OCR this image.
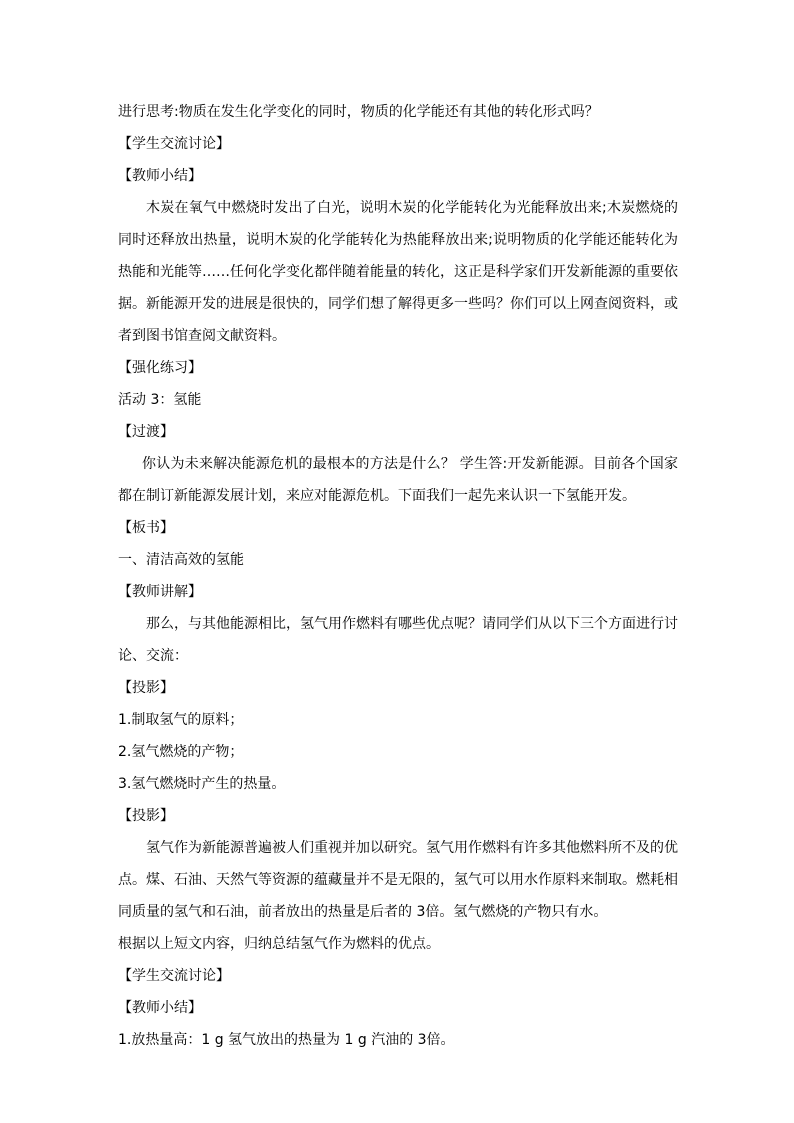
进行思考:物质在发生化学变化的同时，物质的化学能还有其他的转化形式吗？
【学生交流讨论】
【教师小结】

木炭在氧气中燃烧时发出了白光，说明木炭的化学能转化为光能释放出来;木炭燃烧的同时还释放出热量，说明木炭的化学能转化为热能释放出来;说明物质的化学能还能转化为热能和光能等……任何化学变化都伴随着能量的转化，这正是科学家们开发新能源的重要依据。新能源开发的进展是很快的，同学们想了解得更多一些吗？你们可以上网查阅资料，或者到图书馆查阅文献资料。

【强化练习】
活动 3：氢能
【过渡】

你认为未来解决能源危机的最根本的方法是什么？ 学生答:开发新能源。目前各个国家都在制订新能源发展计划，来应对能源危机。下面我们一起先来认识一下氢能开发。

【板书】
一、清洁高效的氢能
【教师讲解】

那么，与其他能源相比，氢气用作燃料有哪些优点呢？请同学们从以下三个方面进行讨论、交流：

【投影】
1.制取氢气的原料；
2.氢气燃烧的产物；
3.氢气燃烧时产生的热量。
【投影】

氢气作为新能源普遍被人们重视并加以研究。氢气用作燃料有许多其他燃料所不及的优点。煤、石油、天然气等资源的蕴藏量并不是无限的，氢气可以用水作原料来制取。燃耗相同质量的氢气和石油，前者放出的热量是后者的 3倍。氢气燃烧的产物只有水。

根据以上短文内容，归纳总结氢气作为燃料的优点。
【学生交流讨论】
【教师小结】
1.放热量高：1 g 氢气放出的热量为 1 g 汽油的 3倍。
